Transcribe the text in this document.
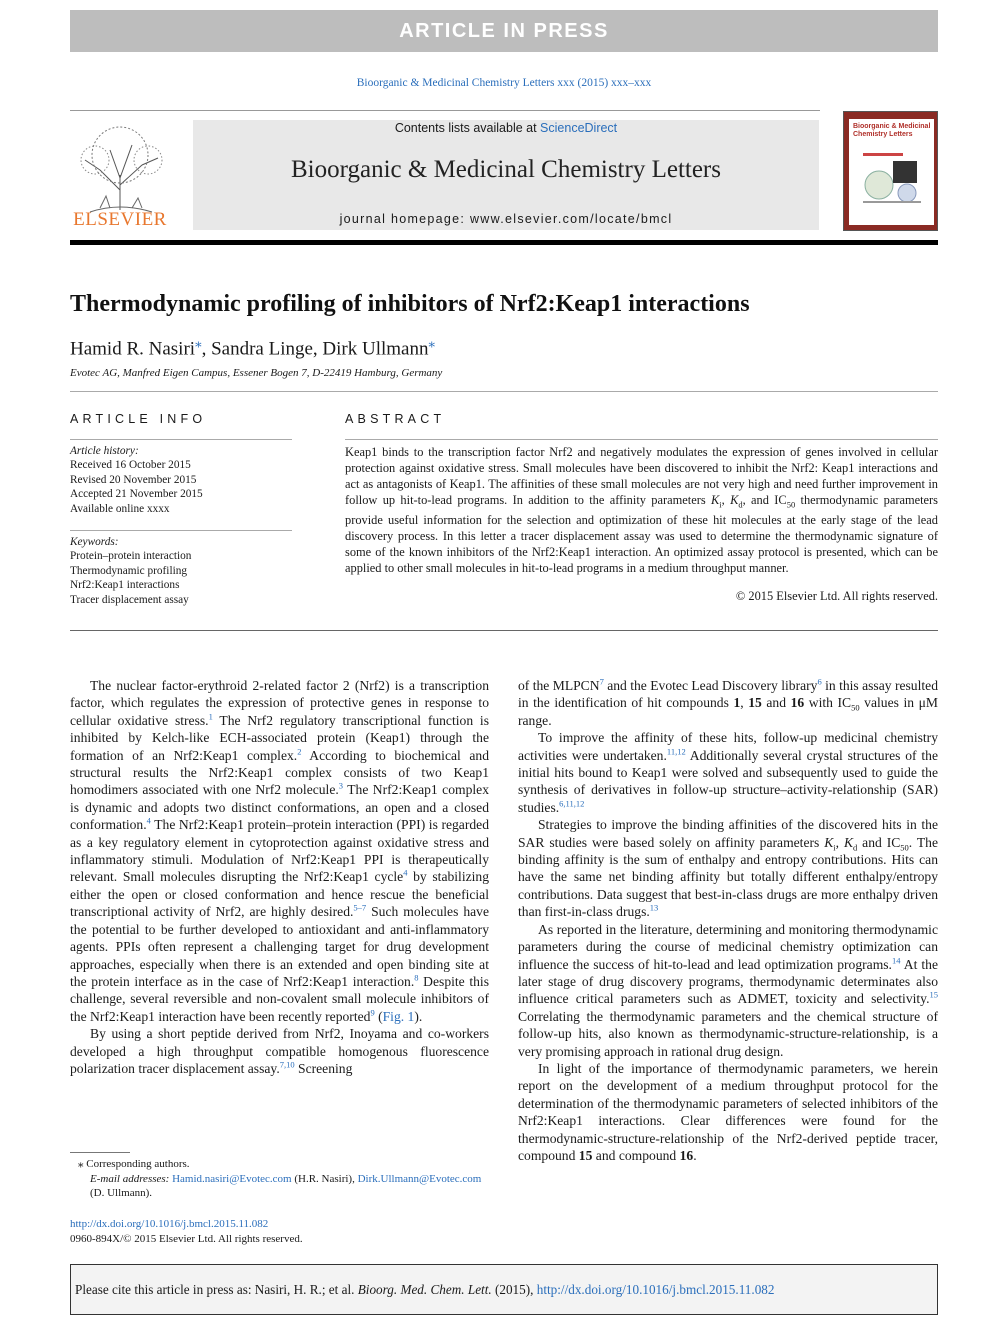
ARTICLE IN PRESS
Bioorganic & Medicinal Chemistry Letters xxx (2015) xxx–xxx
ELSEVIER
Contents lists available at ScienceDirect
Bioorganic & Medicinal Chemistry Letters
journal homepage: www.elsevier.com/locate/bmcl
Bioorganic & Medicinal Chemistry Letters
Thermodynamic profiling of inhibitors of Nrf2:Keap1 interactions
Hamid R. Nasiri⁎, Sandra Linge, Dirk Ullmann⁎
Evotec AG, Manfred Eigen Campus, Essener Bogen 7, D-22419 Hamburg, Germany
ARTICLE INFO	ABSTRACT
Article history:
Received 16 October 2015
Revised 20 November 2015
Accepted 21 November 2015
Available online xxxx
Keywords:
Protein–protein interaction
Thermodynamic profiling
Nrf2:Keap1 interactions
Tracer displacement assay
Keap1 binds to the transcription factor Nrf2 and negatively modulates the expression of genes involved in cellular protection against oxidative stress. Small molecules have been discovered to inhibit the Nrf2: Keap1 interactions and act as antagonists of Keap1. The affinities of these small molecules are not very high and need further improvement in follow up hit-to-lead programs. In addition to the affinity parameters $K_i$, $K_d$, and $IC_{50}$ thermodynamic parameters provide useful information for the selection and optimization of these hit molecules at the early stage of the lead discovery process. In this letter a tracer displacement assay was used to determine the thermodynamic signature of some of the known inhibitors of the Nrf2:Keap1 interaction. An optimized assay protocol is presented, which can be applied to other small molecules in hit-to-lead programs in a medium throughput manner.
© 2015 Elsevier Ltd. All rights reserved.

The nuclear factor-erythroid 2-related factor 2 (Nrf2) is a transcription factor, which regulates the expression of protective genes in response to cellular oxidative stress.$^1$ The Nrf2 regulatory transcriptional function is inhibited by Kelch-like ECH-associated protein (Keap1) through the formation of an Nrf2:Keap1 complex.$^2$ According to biochemical and structural results the Nrf2:Keap1 complex consists of two Keap1 homodimers associated with one Nrf2 molecule.$^3$ The Nrf2:Keap1 complex is dynamic and adopts two distinct conformations, an open and a closed conformation.$^4$ The Nrf2:Keap1 protein–protein interaction (PPI) is regarded as a key regulatory element in cytoprotection against oxidative stress and inflammatory stimuli. Modulation of Nrf2:Keap1 PPI is therapeutically relevant. Small molecules disrupting the Nrf2:Keap1 cycle$^4$ by stabilizing either the open or closed conformation and hence rescue the beneficial transcriptional activity of Nrf2, are highly desired.$^{5-7}$ Such molecules have the potential to be further developed to antioxidant and anti-inflammatory agents. PPIs often represent a challenging target for drug development approaches, especially when there is an extended and open binding site at the protein interface as in the case of Nrf2:Keap1 interaction.$^8$ Despite this challenge, several reversible and non-covalent small molecule inhibitors of the Nrf2:Keap1 interaction have been recently reported$^9$ (Fig. 1).

By using a short peptide derived from Nrf2, Inoyama and co-workers developed a high throughput compatible homogenous fluorescence polarization tracer displacement assay.$^{7,10}$ Screening

of the MLPCN$^7$ and the Evotec Lead Discovery library$^6$ in this assay resulted in the identification of hit compounds 1, 15 and 16 with $IC_{50}$ values in μM range.

To improve the affinity of these hits, follow-up medicinal chemistry activities were undertaken.$^{11,12}$ Additionally several crystal structures of the initial hits bound to Keap1 were solved and subsequently used to guide the synthesis of derivatives in follow-up structure–activity-relationship (SAR) studies.$^{6,11,12}$

Strategies to improve the binding affinities of the discovered hits in the SAR studies were based solely on affinity parameters $K_i$, $K_d$ and $IC_{50}$. The binding affinity is the sum of enthalpy and entropy contributions. Hits can have the same net binding affinity but totally different enthalpy/entropy contributions. Data suggest that best-in-class drugs are more enthalpy driven than first-in-class drugs.$^{13}$

As reported in the literature, determining and monitoring thermodynamic parameters during the course of medicinal chemistry optimization can influence the success of hit-to-lead and lead optimization programs.$^{14}$ At the later stage of drug discovery programs, thermodynamic determinates also influence critical parameters such as ADMET, toxicity and selectivity.$^{15}$ Correlating the thermodynamic parameters and the chemical structure of follow-up hits, also known as thermodynamic-structure-relationship, is a very promising approach in rational drug design.

In light of the importance of thermodynamic parameters, we herein report on the development of a medium throughput protocol for the determination of the thermodynamic parameters of selected inhibitors of the Nrf2:Keap1 interactions. Clear differences were found for the thermodynamic-structure-relationship of the Nrf2-derived peptide tracer, compound 15 and compound 16.

⁎ Corresponding authors.
E-mail addresses: Hamid.nasiri@Evotec.com (H.R. Nasiri), Dirk.Ullmann@Evotec.com (D. Ullmann).
http://dx.doi.org/10.1016/j.bmcl.2015.11.082
0960-894X/© 2015 Elsevier Ltd. All rights reserved.
Please cite this article in press as: Nasiri, H. R.; et al. Bioorg. Med. Chem. Lett. (2015), http://dx.doi.org/10.1016/j.bmcl.2015.11.082
